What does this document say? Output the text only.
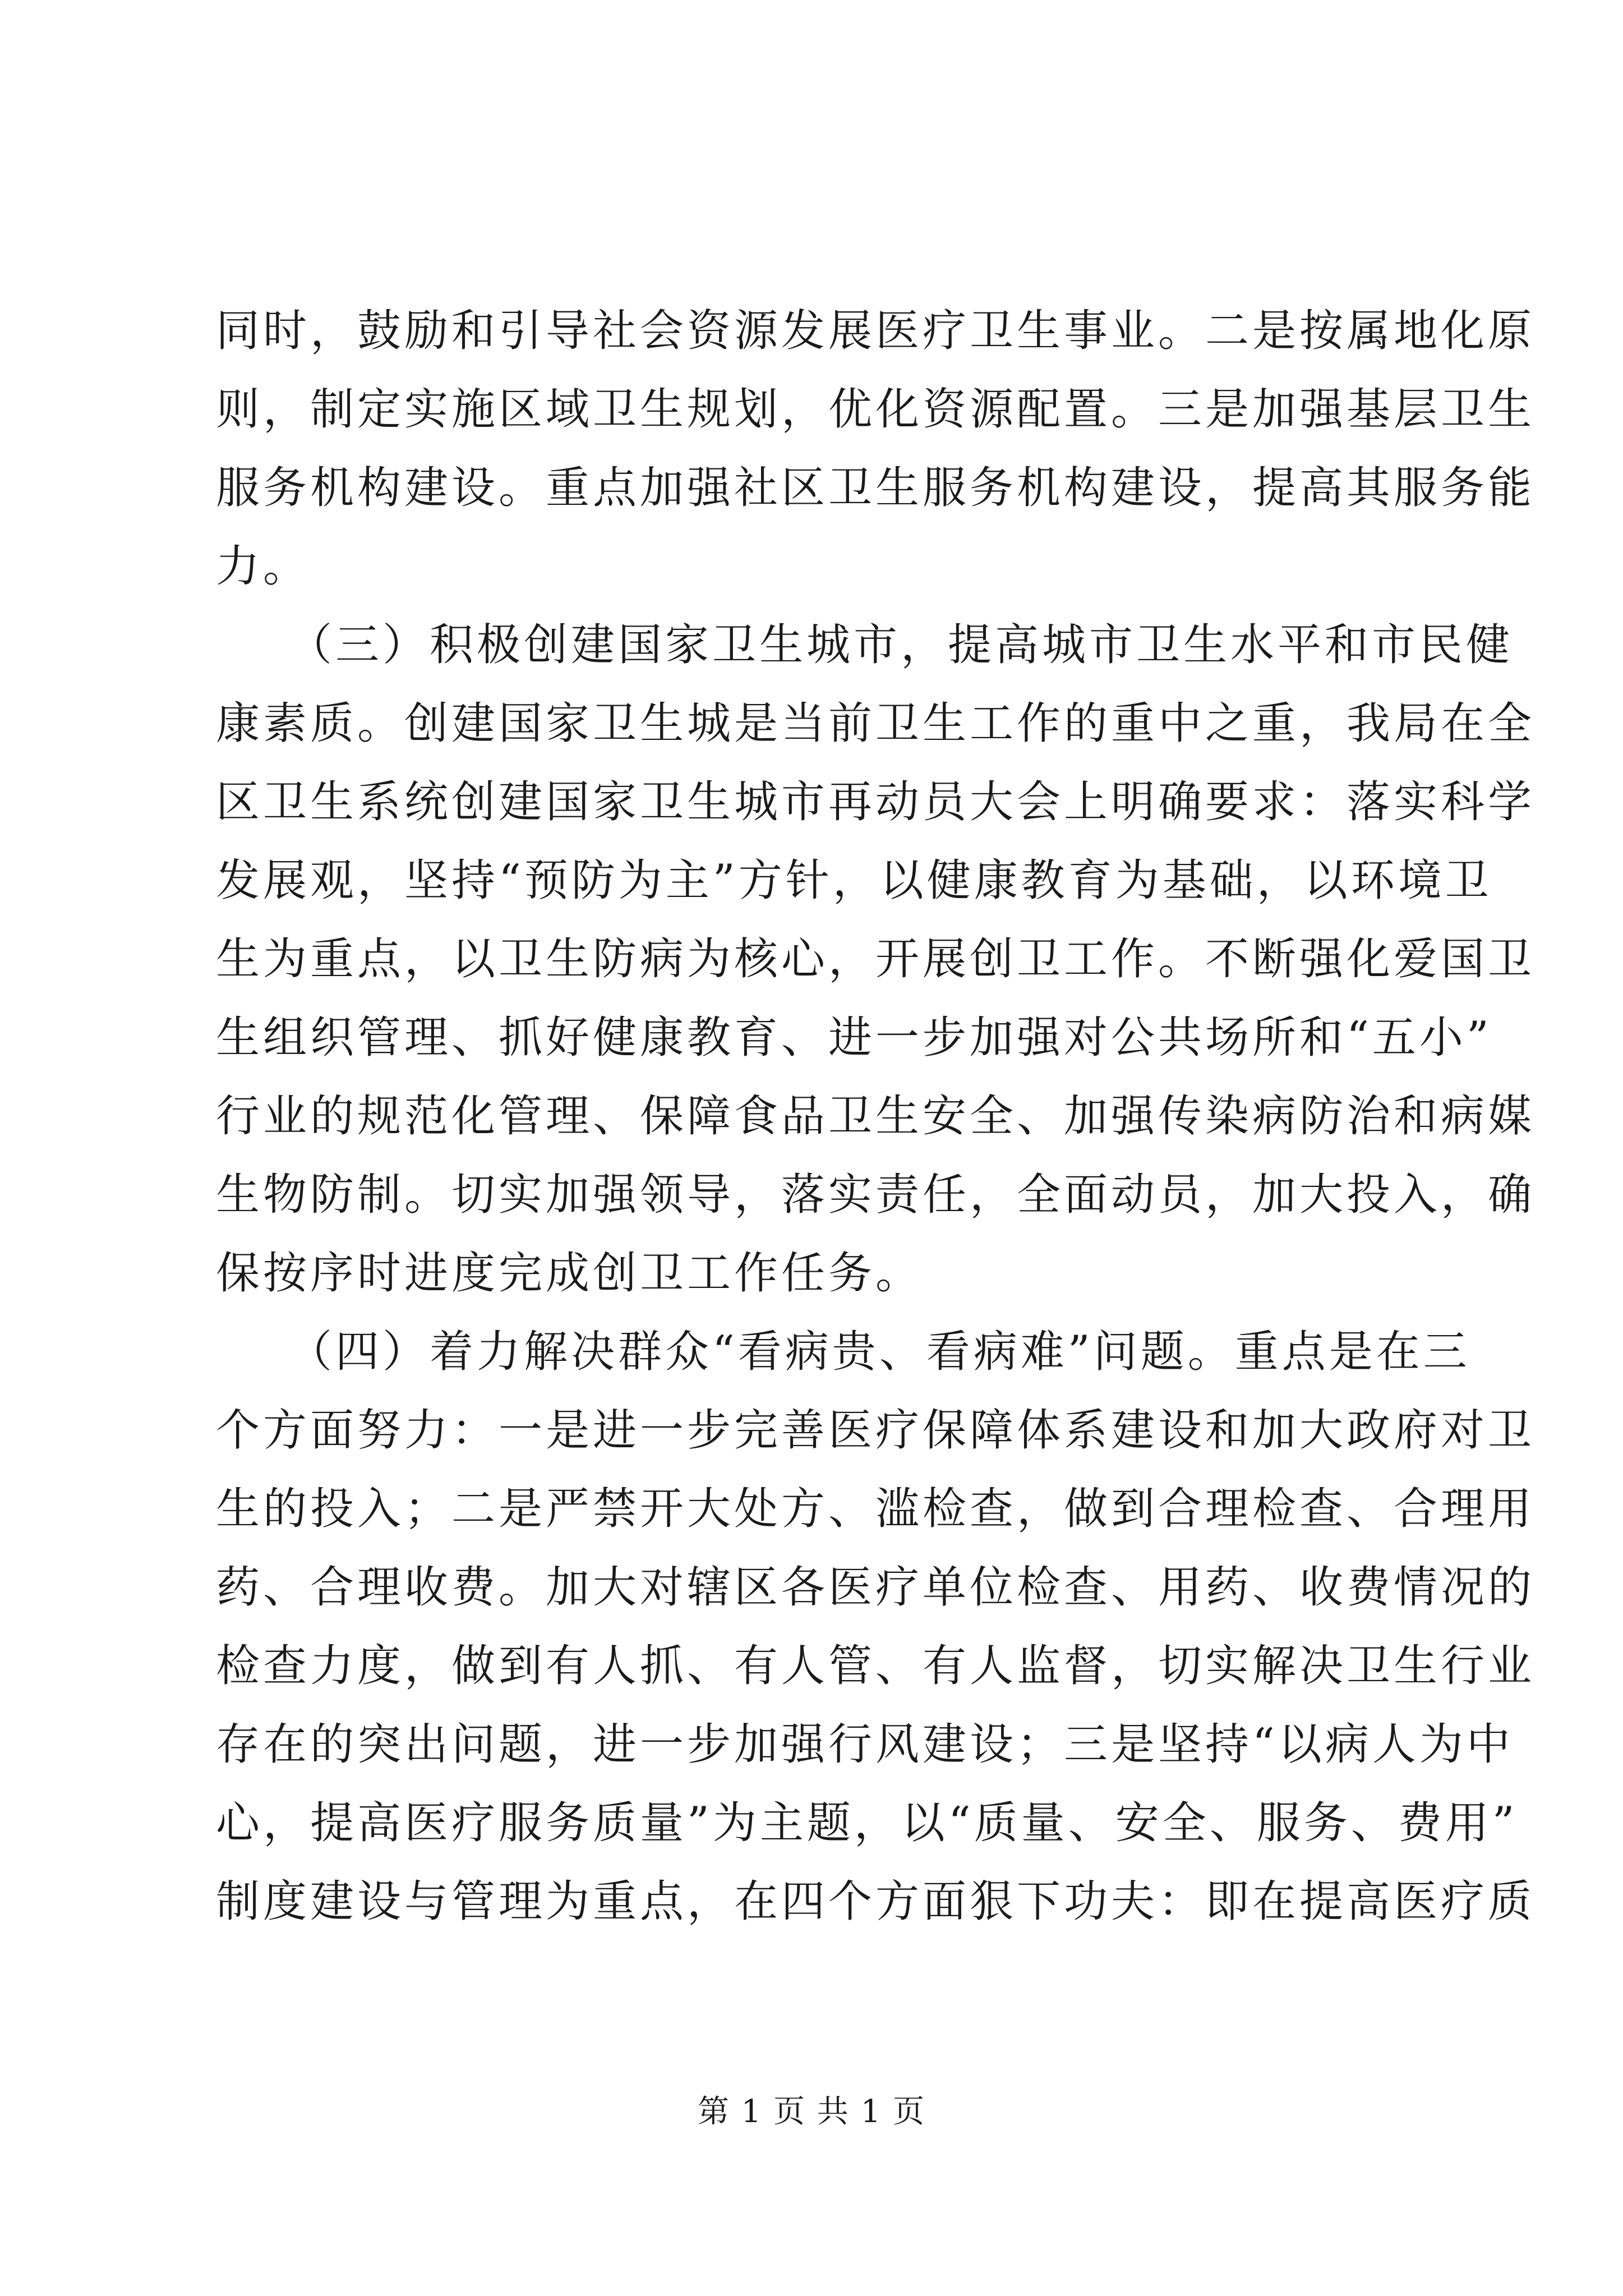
同时，鼓励和引导社会资源发展医疗卫生事业。二是按属地化原
则，制定实施区域卫生规划，优化资源配置。三是加强基层卫生
服务机构建设。重点加强社区卫生服务机构建设，提高其服务能
力。
　　（三）积极创建国家卫生城市，提高城市卫生水平和市民健
康素质。创建国家卫生城是当前卫生工作的重中之重，我局在全
区卫生系统创建国家卫生城市再动员大会上明确要求：落实科学
发展观，坚持“预防为主”方针，以健康教育为基础，以环境卫
生为重点，以卫生防病为核心，开展创卫工作。不断强化爱国卫
生组织管理、抓好健康教育、进一步加强对公共场所和“五小”
行业的规范化管理、保障食品卫生安全、加强传染病防治和病媒
生物防制。切实加强领导，落实责任，全面动员，加大投入，确
保按序时进度完成创卫工作任务。
　　（四）着力解决群众“看病贵、看病难”问题。重点是在三
个方面努力：一是进一步完善医疗保障体系建设和加大政府对卫
生的投入；二是严禁开大处方、滥检查，做到合理检查、合理用
药、合理收费。加大对辖区各医疗单位检查、用药、收费情况的
检查力度，做到有人抓、有人管、有人监督，切实解决卫生行业
存在的突出问题，进一步加强行风建设；三是坚持“以病人为中
心，提高医疗服务质量”为主题，以“质量、安全、服务、费用”
制度建设与管理为重点，在四个方面狠下功夫：即在提高医疗质
第 1 页 共 1 页
